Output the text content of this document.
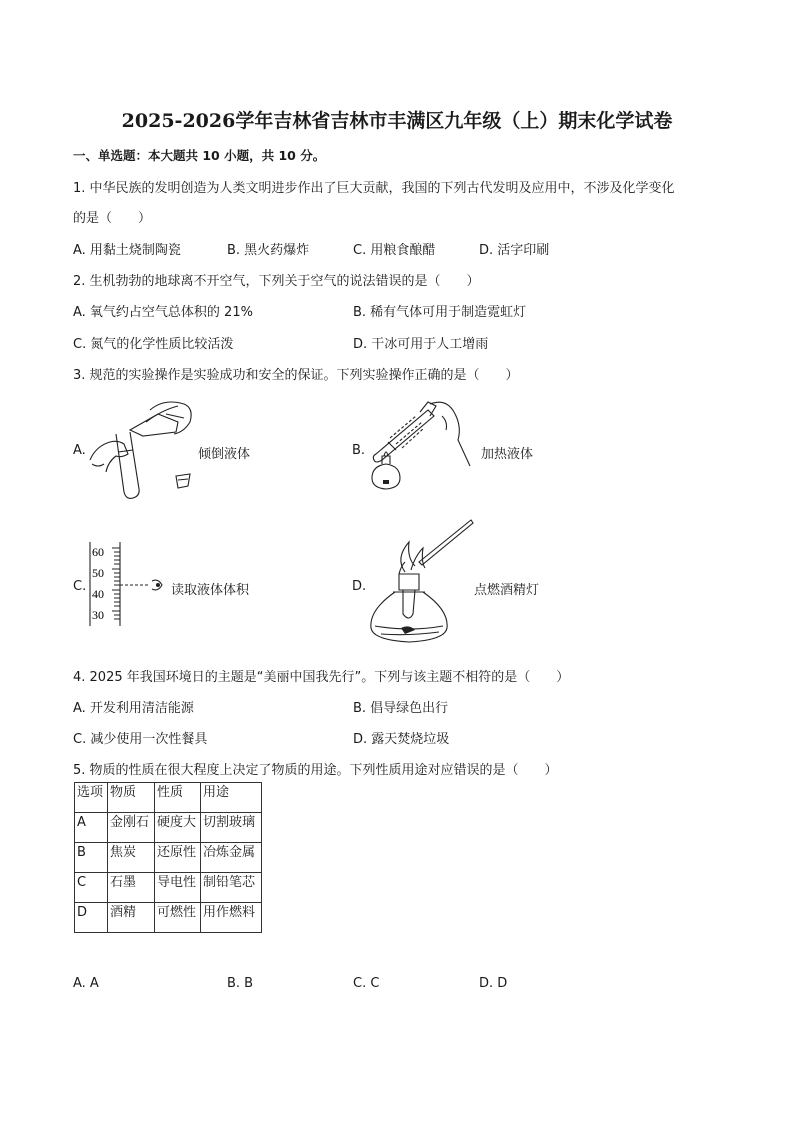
2025-2026学年吉林省吉林市丰满区九年级（上）期末化学试卷
一、单选题：本大题共 10 小题，共 10 分。
1. 中华民族的发明创造为人类文明进步作出了巨大贡献，我国的下列古代发明及应用中，不涉及化学变化
的是（　　）
A. 用黏土烧制陶瓷	B. 黑火药爆炸	C. 用粮食酿醋	D. 活字印刷
2. 生机勃勃的地球离不开空气，下列关于空气的说法错误的是（　　）
A. 氧气约占空气总体积的 21%	B. 稀有气体可用于制造霓虹灯
C. 氮气的化学性质比较活泼	D. 干冰可用于人工增雨
3. 规范的实验操作是实验成功和安全的保证。下列实验操作正确的是（　　）
A.	倾倒液体	B.	加热液体
C.
60
50
40
30
读取液体体积	D.	点燃酒精灯
4. 2025 年我国环境日的主题是“美丽中国我先行”。下列与该主题不相符的是（　　）
A. 开发利用清洁能源	B. 倡导绿色出行
C. 减少使用一次性餐具	D. 露天焚烧垃圾
5. 物质的性质在很大程度上决定了物质的用途。下列性质用途对应错误的是（　　）
选项	物质	性质	用途
A	金刚石	硬度大	切割玻璃
B	焦炭	还原性	冶炼金属
C	石墨	导电性	制铅笔芯
D	酒精	可燃性	用作燃料
A. A	B. B	C. C	D. D
